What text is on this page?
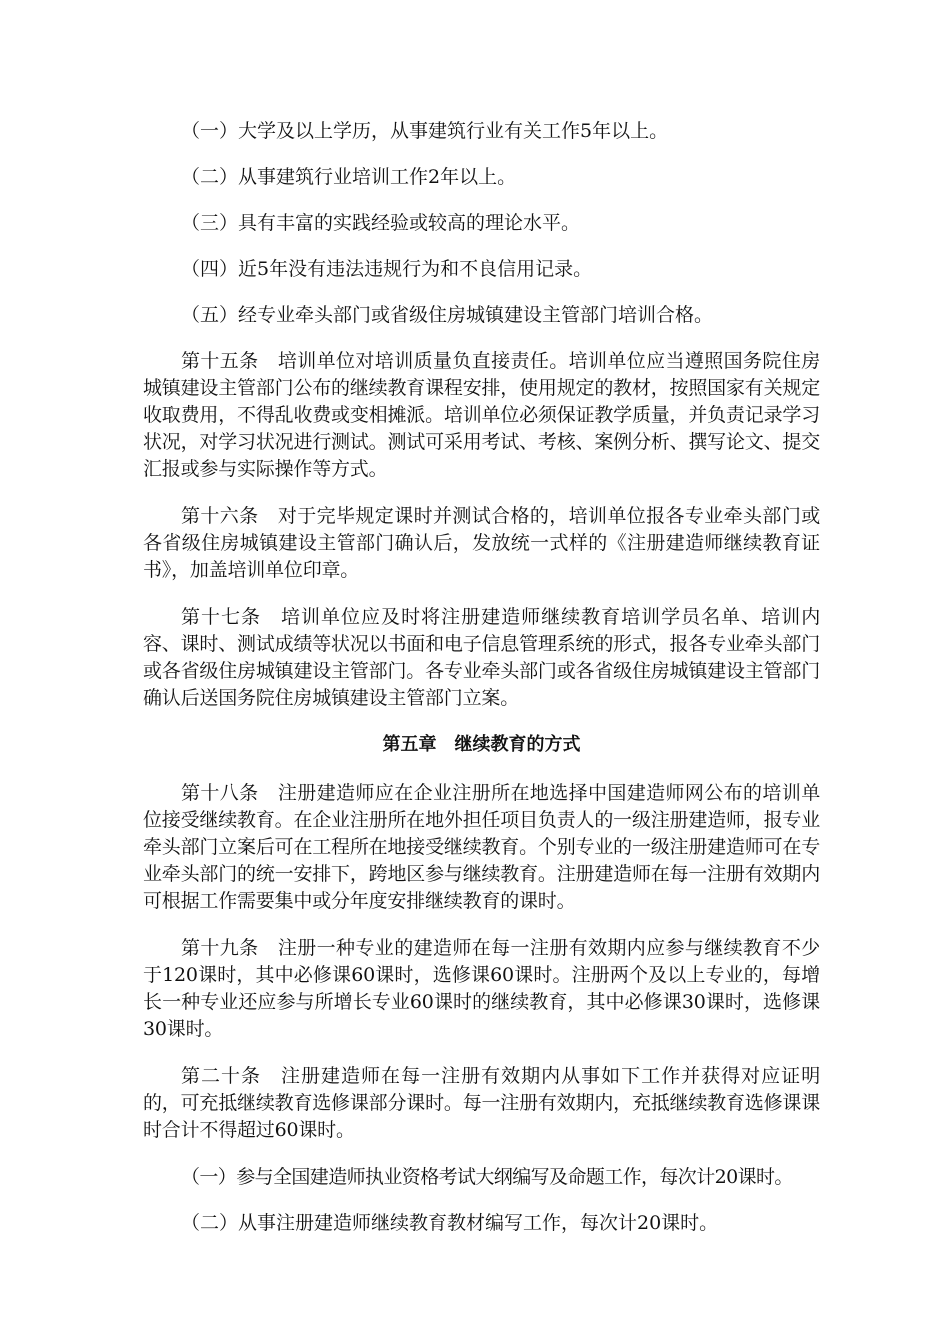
（一）大学及以上学历，从事建筑行业有关工作5年以上。

（二）从事建筑行业培训工作2年以上。

（三）具有丰富的实践经验或较高的理论水平。

（四）近5年没有违法违规行为和不良信用记录。

（五）经专业牵头部门或省级住房城镇建设主管部门培训合格。

第十五条　培训单位对培训质量负直接责任。培训单位应当遵照国务院住房城镇建设主管部门公布的继续教育课程安排，使用规定的教材，按照国家有关规定收取费用，不得乱收费或变相摊派。培训单位必须保证教学质量，并负责记录学习状况，对学习状况进行测试。测试可采用考试、考核、案例分析、撰写论文、提交汇报或参与实际操作等方式。

第十六条　对于完毕规定课时并测试合格的，培训单位报各专业牵头部门或各省级住房城镇建设主管部门确认后，发放统一式样的《注册建造师继续教育证书》，加盖培训单位印章。

第十七条　培训单位应及时将注册建造师继续教育培训学员名单、培训内容、课时、测试成绩等状况以书面和电子信息管理系统的形式，报各专业牵头部门或各省级住房城镇建设主管部门。各专业牵头部门或各省级住房城镇建设主管部门确认后送国务院住房城镇建设主管部门立案。

第五章　继续教育的方式

第十八条　注册建造师应在企业注册所在地选择中国建造师网公布的培训单位接受继续教育。在企业注册所在地外担任项目负责人的一级注册建造师，报专业牵头部门立案后可在工程所在地接受继续教育。个别专业的一级注册建造师可在专业牵头部门的统一安排下，跨地区参与继续教育。注册建造师在每一注册有效期内可根据工作需要集中或分年度安排继续教育的课时。

第十九条　注册一种专业的建造师在每一注册有效期内应参与继续教育不少于120课时，其中必修课60课时，选修课60课时。注册两个及以上专业的，每增长一种专业还应参与所增长专业60课时的继续教育，其中必修课30课时，选修课30课时。

第二十条　注册建造师在每一注册有效期内从事如下工作并获得对应证明的，可充抵继续教育选修课部分课时。每一注册有效期内，充抵继续教育选修课课时合计不得超过60课时。

（一）参与全国建造师执业资格考试大纲编写及命题工作，每次计20课时。

（二）从事注册建造师继续教育教材编写工作，每次计20课时。
